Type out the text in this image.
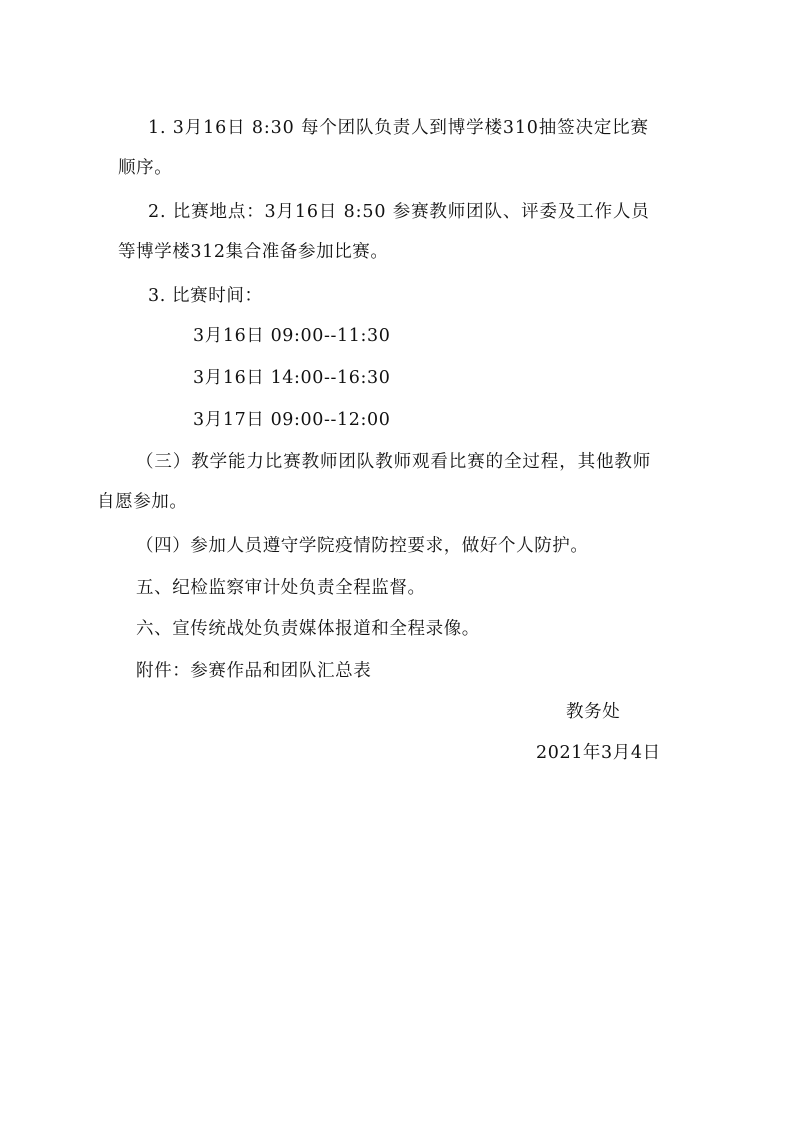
1. 3月16日 8:30 每个团队负责人到博学楼310抽签决定比赛
顺序。
2. 比赛地点：3月16日 8:50 参赛教师团队、评委及工作人员
等博学楼312集合准备参加比赛。
3. 比赛时间：
3月16日 09:00--11:30
3月16日 14:00--16:30
3月17日 09:00--12:00
（三）教学能力比赛教师团队教师观看比赛的全过程，其他教师
自愿参加。
（四）参加人员遵守学院疫情防控要求，做好个人防护。
五、纪检监察审计处负责全程监督。
六、宣传统战处负责媒体报道和全程录像。
附件：参赛作品和团队汇总表
教务处
2021年3月4日
